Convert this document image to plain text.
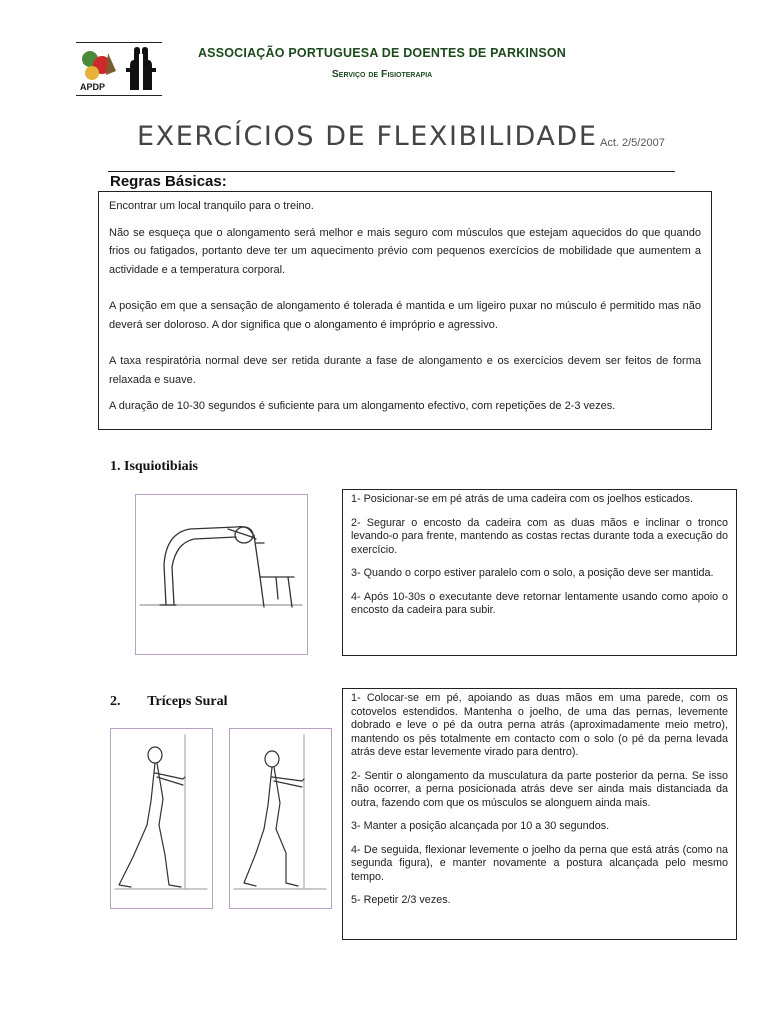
APDP
ASSOCIAÇÃO PORTUGUESA DE DOENTES DE PARKINSON
Serviço de Fisioterapia
EXERCÍCIOS DE FLEXIBILIDADE Act. 2/5/2007
Regras Básicas:

Encontrar um local tranquilo para o treino.

Não se esqueça que o alongamento será melhor e mais seguro com músculos que estejam aquecidos do que quando frios ou fatigados, portanto deve ter um aquecimento prévio com pequenos exercícios de mobilidade que aumentem a actividade e a temperatura corporal.

A posição em que a sensação de alongamento é tolerada é mantida e um ligeiro puxar no músculo é permitido mas não deverá ser doloroso. A dor significa que o alongamento é impróprio e agressivo.

A taxa respiratória normal deve ser retida durante a fase de alongamento e os exercícios devem ser feitos de forma relaxada e suave.

A duração de 10-30 segundos é suficiente para um alongamento efectivo, com repetições de 2-3 vezes.

1. Isquiotibiais

1- Posicionar-se em pé atrás de uma cadeira com os joelhos esticados.

2- Segurar o encosto da cadeira com as duas mãos e inclinar o tronco levando-o para frente, mantendo as costas rectas durante toda a execução do exercício.

3- Quando o corpo estiver paralelo com o solo, a posição deve ser mantida.

4- Após 10-30s o executante deve retornar lentamente usando como apoio o encosto da cadeira para subir.

2. Tríceps Sural	1- Colocar-se em pé, apoiando as duas mãos em uma parede, com os cotovelos estendidos. Mantenha o joelho, de uma das pernas, levemente dobrado e leve o pé da outra perna atrás (aproximadamente meio metro), mantendo os pés totalmente em contacto com o solo (o pé da perna levada atrás deve estar levemente virado para dentro).

2- Sentir o alongamento da musculatura da parte posterior da perna. Se isso não ocorrer, a perna posicionada atrás deve ser ainda mais distanciada da outra, fazendo com que os músculos se alonguem ainda mais.

3- Manter a posição alcançada por 10 a 30 segundos.

4- De seguida, flexionar levemente o joelho da perna que está atrás (como na segunda figura), e manter novamente a postura alcançada pelo mesmo tempo.

5- Repetir 2/3 vezes.
